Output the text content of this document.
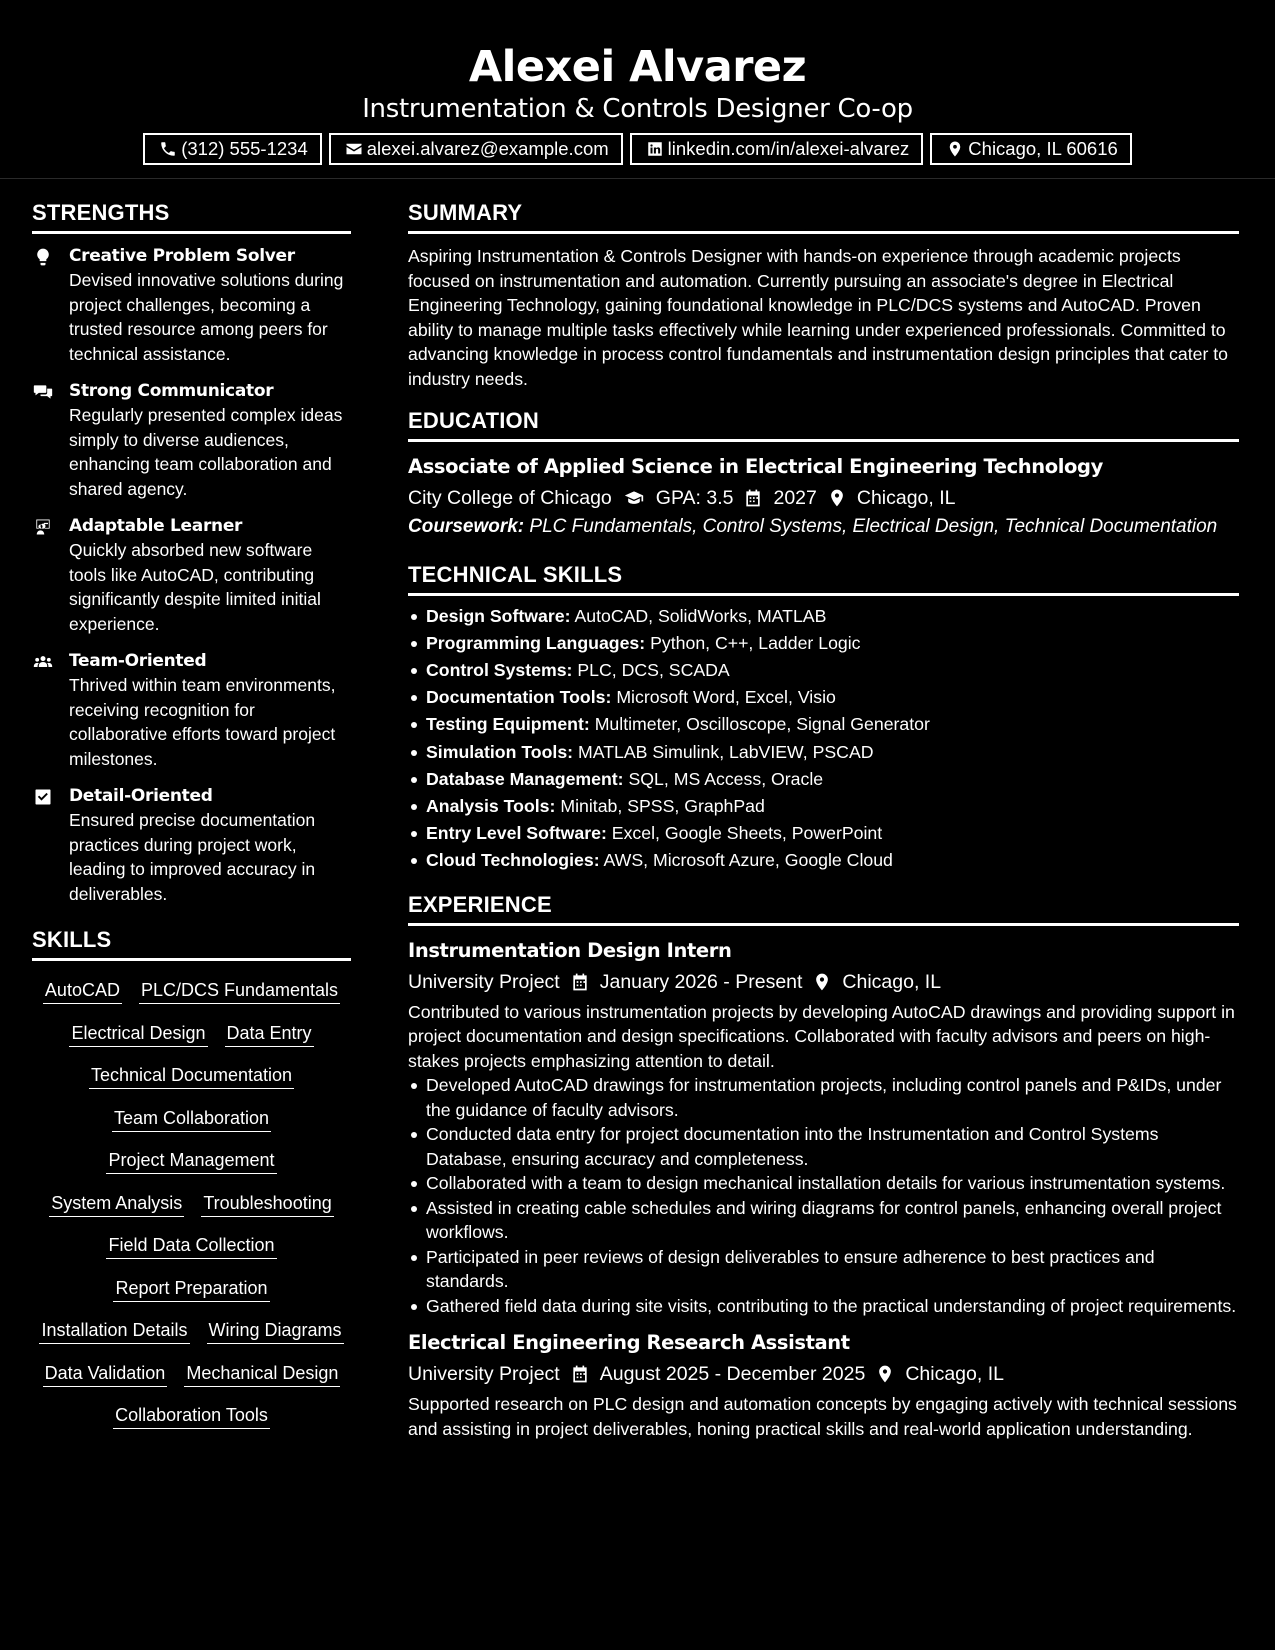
Alexei Alvarez
Instrumentation & Controls Designer Co-op
(312) 555-1234	alexei.alvarez@example.com	linkedin.com/in/alexei-alvarez	Chicago, IL 60616
STRENGTHS
Creative Problem Solver
Devised innovative solutions during project challenges, becoming a trusted resource among peers for technical assistance.
Strong Communicator
Regularly presented complex ideas simply to diverse audiences, enhancing team collaboration and shared agency.
Adaptable Learner
Quickly absorbed new software tools like AutoCAD, contributing significantly despite limited initial experience.
Team-Oriented
Thrived within team environments, receiving recognition for collaborative efforts toward project milestones.
Detail-Oriented
Ensured precise documentation practices during project work, leading to improved accuracy in deliverables.
SKILLS
AutoCAD PLC/DCS Fundamentals
Electrical Design Data Entry
Technical Documentation
Team Collaboration
Project Management
System Analysis Troubleshooting
Field Data Collection
Report Preparation
Installation Details Wiring Diagrams
Data Validation Mechanical Design
Collaboration Tools
SUMMARY
Aspiring Instrumentation & Controls Designer with hands-on experience through academic projects focused on instrumentation and automation. Currently pursuing an associate's degree in Electrical Engineering Technology, gaining foundational knowledge in PLC/DCS systems and AutoCAD. Proven ability to manage multiple tasks effectively while learning under experienced professionals. Committed to advancing knowledge in process control fundamentals and instrumentation design principles that cater to industry needs.
EDUCATION
Associate of Applied Science in Electrical Engineering Technology
City College of Chicago GPA: 3.5 2027 Chicago, IL
Coursework: PLC Fundamentals, Control Systems, Electrical Design, Technical Documentation
TECHNICAL SKILLS
Design Software: AutoCAD, SolidWorks, MATLAB
Programming Languages: Python, C++, Ladder Logic
Control Systems: PLC, DCS, SCADA
Documentation Tools: Microsoft Word, Excel, Visio
Testing Equipment: Multimeter, Oscilloscope, Signal Generator
Simulation Tools: MATLAB Simulink, LabVIEW, PSCAD
Database Management: SQL, MS Access, Oracle
Analysis Tools: Minitab, SPSS, GraphPad
Entry Level Software: Excel, Google Sheets, PowerPoint
Cloud Technologies: AWS, Microsoft Azure, Google Cloud
EXPERIENCE
Instrumentation Design Intern
University Project January 2026 - Present Chicago, IL
Contributed to various instrumentation projects by developing AutoCAD drawings and providing support in project documentation and design specifications. Collaborated with faculty advisors and peers on high-stakes projects emphasizing attention to detail.
Developed AutoCAD drawings for instrumentation projects, including control panels and P&IDs, under the guidance of faculty advisors.
Conducted data entry for project documentation into the Instrumentation and Control Systems Database, ensuring accuracy and completeness.
Collaborated with a team to design mechanical installation details for various instrumentation systems.
Assisted in creating cable schedules and wiring diagrams for control panels, enhancing overall project workflows.
Participated in peer reviews of design deliverables to ensure adherence to best practices and standards.
Gathered field data during site visits, contributing to the practical understanding of project requirements.
Electrical Engineering Research Assistant
University Project August 2025 - December 2025 Chicago, IL
Supported research on PLC design and automation concepts by engaging actively with technical sessions and assisting in project deliverables, honing practical skills and real-world application understanding.
